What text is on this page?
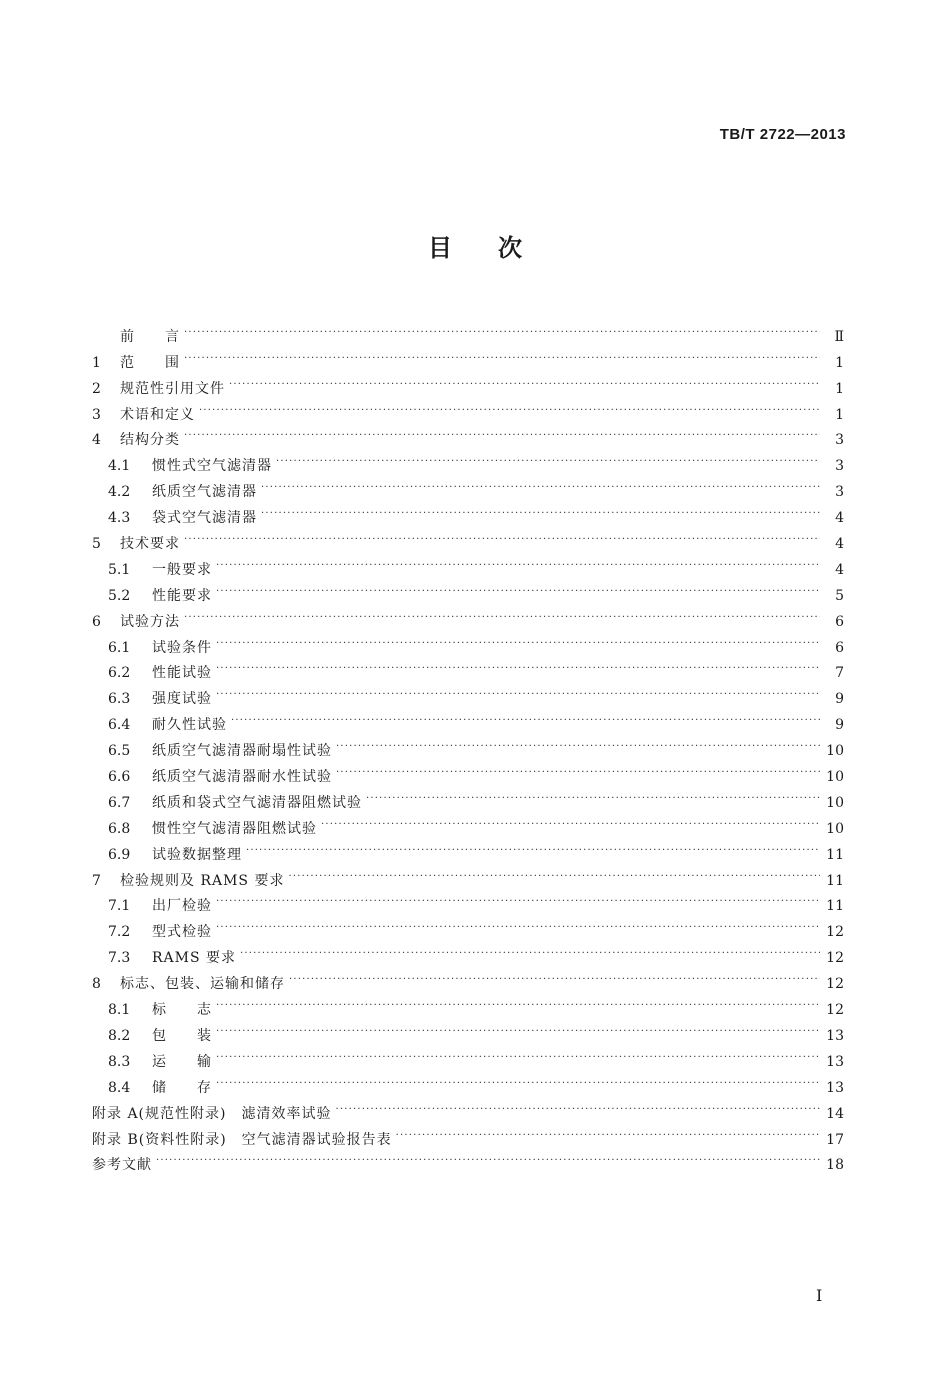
TB/T 2722—2013
目次
前　　言 ·····	Ⅱ
1	范　　围 ·····	1
2	规范性引用文件 ·····	1
3	术语和定义 ·····	1
4	结构分类 ·····	3
4.1	惯性式空气滤清器 ·····	3
4.2	纸质空气滤清器 ·····	3
4.3	袋式空气滤清器 ·····	4
5	技术要求 ·····	4
5.1	一般要求 ·····	4
5.2	性能要求 ·····	5
6	试验方法 ·····	6
6.1	试验条件 ·····	6
6.2	性能试验 ·····	7
6.3	强度试验 ·····	9
6.4	耐久性试验 ·····	9
6.5	纸质空气滤清器耐塌性试验 ·····	10
6.6	纸质空气滤清器耐水性试验 ·····	10
6.7	纸质和袋式空气滤清器阻燃试验 ·····	10
6.8	惯性空气滤清器阻燃试验 ·····	10
6.9	试验数据整理 ·····	11
7	检验规则及 RAMS 要求 ·····	11
7.1	出厂检验 ·····	11
7.2	型式检验 ·····	12
7.3	RAMS 要求 ·····	12
8	标志、包装、运输和储存 ·····	12
8.1	标　　志 ·····	12
8.2	包　　装 ·····	13
8.3	运　　输 ·····	13
8.4	储　　存 ·····	13
附录 A(规范性附录)　滤清效率试验 ·····	14
附录 B(资料性附录)　空气滤清器试验报告表 ·····	17
参考文献 ·····	18
Ⅰ
